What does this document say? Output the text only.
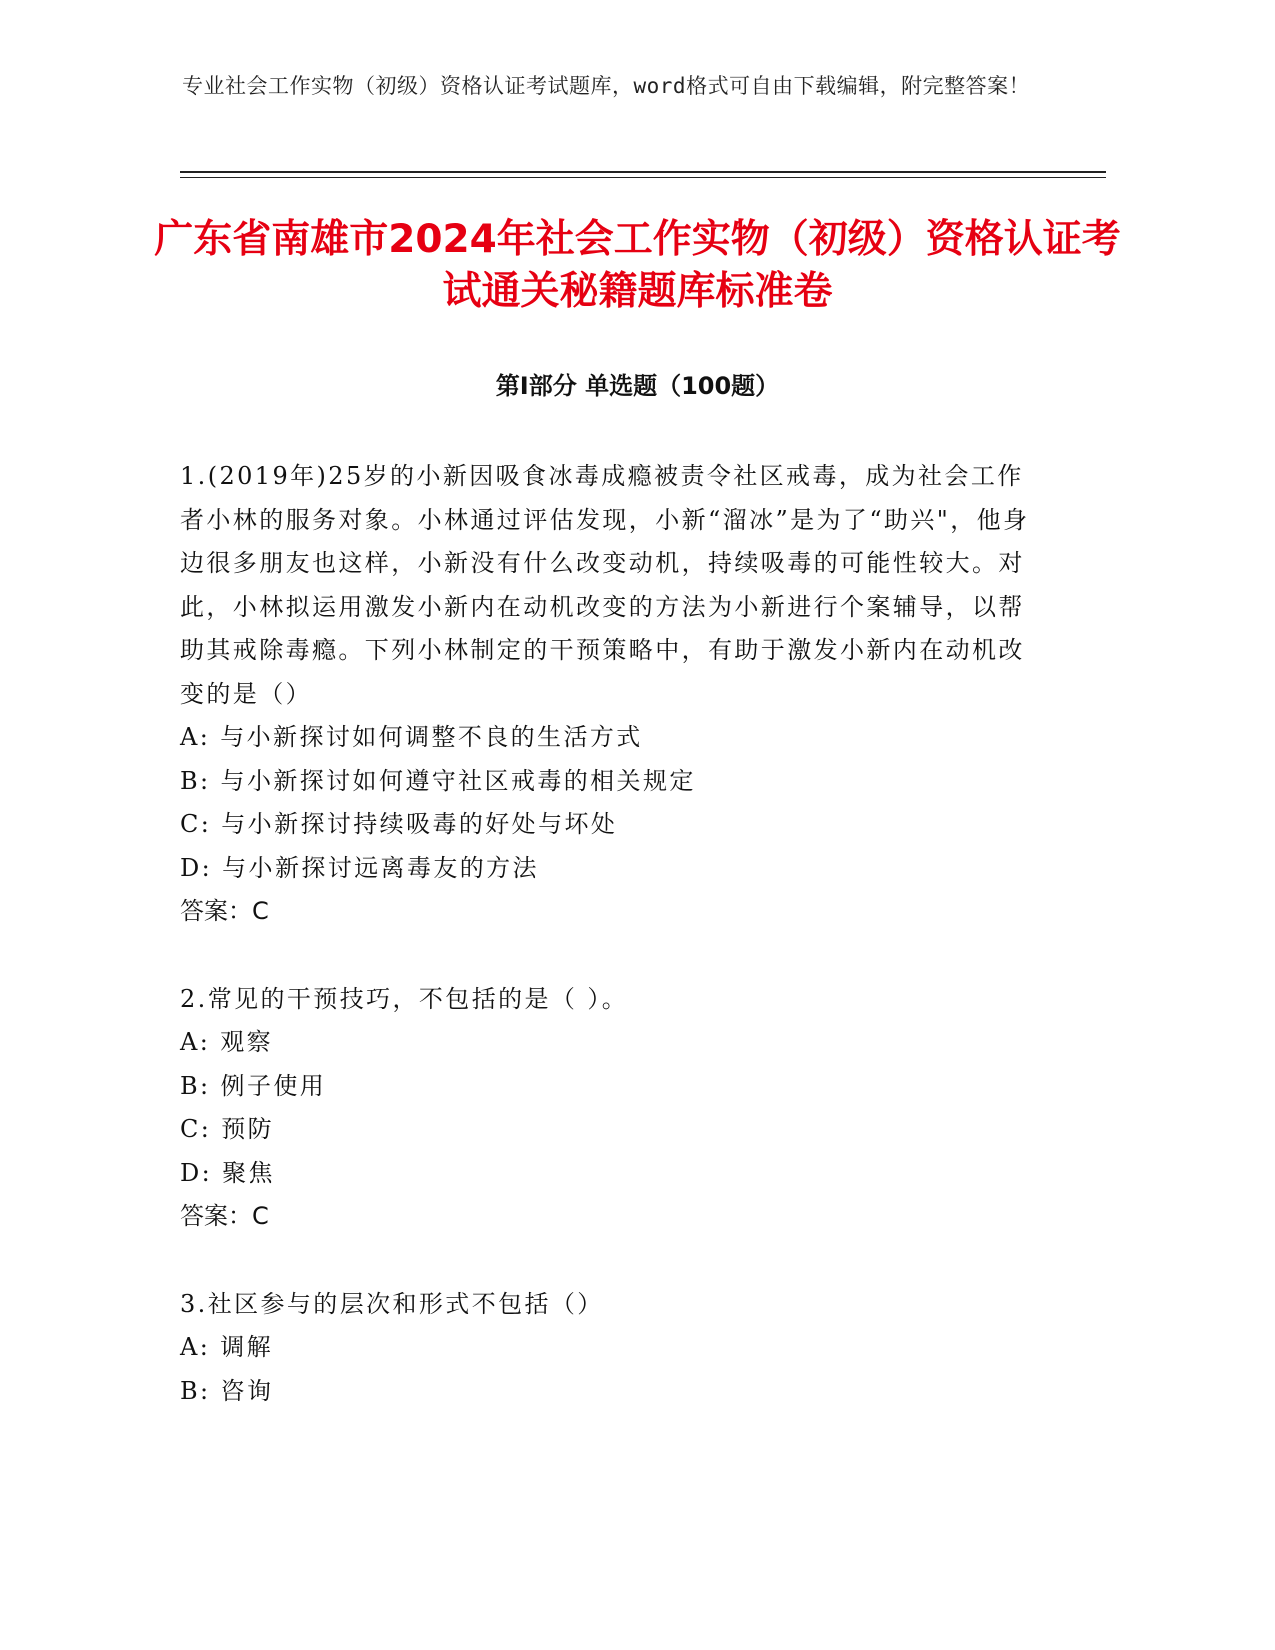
专业社会工作实物（初级）资格认证考试题库，word格式可自由下载编辑，附完整答案！
广东省南雄市2024年社会工作实物（初级）资格认证考试通关秘籍题库标准卷
第I部分 单选题（100题）

1.(2019年)25岁的小新因吸食冰毒成瘾被责令社区戒毒，成为社会工作者小林的服务对象。小林通过评估发现，小新“溜冰”是为了“助兴"，他身边很多朋友也这样，小新没有什么改变动机，持续吸毒的可能性较大。对此，小林拟运用激发小新内在动机改变的方法为小新进行个案辅导，以帮助其戒除毒瘾。下列小林制定的干预策略中，有助于激发小新内在动机改变的是（）

A: 与小新探讨如何调整不良的生活方式

B: 与小新探讨如何遵守社区戒毒的相关规定

C: 与小新探讨持续吸毒的好处与坏处

D: 与小新探讨远离毒友的方法

答案：C

2.常见的干预技巧，不包括的是（ ）。

A: 观察

B: 例子使用

C: 预防

D: 聚焦

答案：C

3.社区参与的层次和形式不包括（）

A: 调解

B: 咨询
